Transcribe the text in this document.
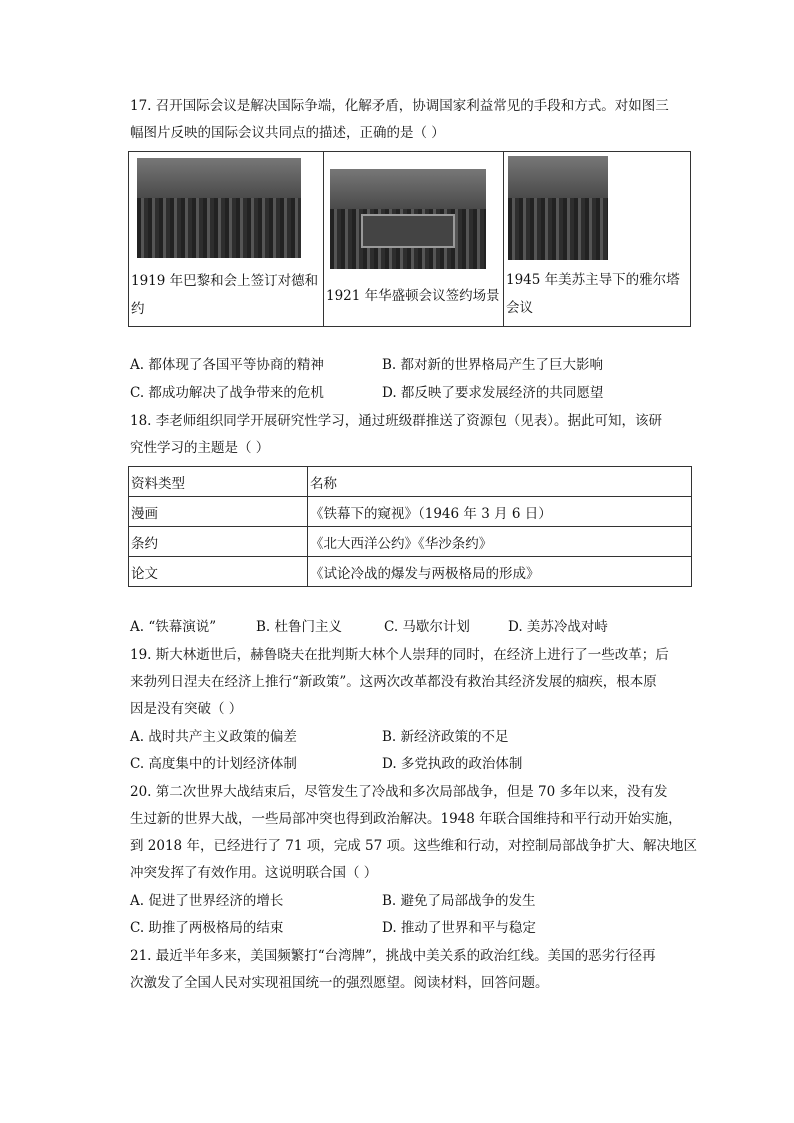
17. 召开国际会议是解决国际争端，化解矛盾，协调国家利益常见的手段和方式。对如图三
幅图片反映的国际会议共同点的描述，正确的是（ ）
1919 年巴黎和会上签订对德和约
1921 年华盛顿会议签约场景
1945 年美苏主导下的雅尔塔会议
A. 都体现了各国平等协商的精神	B. 都对新的世界格局产生了巨大影响
C. 都成功解决了战争带来的危机	D. 都反映了要求发展经济的共同愿望
18. 李老师组织同学开展研究性学习，通过班级群推送了资源包（见表）。据此可知，该研
究性学习的主题是（ ）
资料类型	名称
漫画	《铁幕下的窥视》（1946 年 3 月 6 日）
条约	《北大西洋公约》《华沙条约》
论文	《试论冷战的爆发与两极格局的形成》
A. “铁幕演说”	B. 杜鲁门主义	C. 马歇尔计划	D. 美苏冷战对峙
19. 斯大林逝世后，赫鲁晓夫在批判斯大林个人崇拜的同时，在经济上进行了一些改革；后
来勃列日涅夫在经济上推行“新政策”。这两次改革都没有救治其经济发展的痼疾，根本原
因是没有突破（ ）
A. 战时共产主义政策的偏差	B. 新经济政策的不足
C. 高度集中的计划经济体制	D. 多党执政的政治体制
20. 第二次世界大战结束后，尽管发生了冷战和多次局部战争，但是 70 多年以来，没有发
生过新的世界大战，一些局部冲突也得到政治解决。1948 年联合国维持和平行动开始实施，
到 2018 年，已经进行了 71 项，完成 57 项。这些维和行动，对控制局部战争扩大、解决地区
冲突发挥了有效作用。这说明联合国（ ）
A. 促进了世界经济的增长	B. 避免了局部战争的发生
C. 助推了两极格局的结束	D. 推动了世界和平与稳定
21. 最近半年多来，美国频繁打“台湾牌”，挑战中美关系的政治红线。美国的恶劣行径再
次激发了全国人民对实现祖国统一的强烈愿望。阅读材料，回答问题。
